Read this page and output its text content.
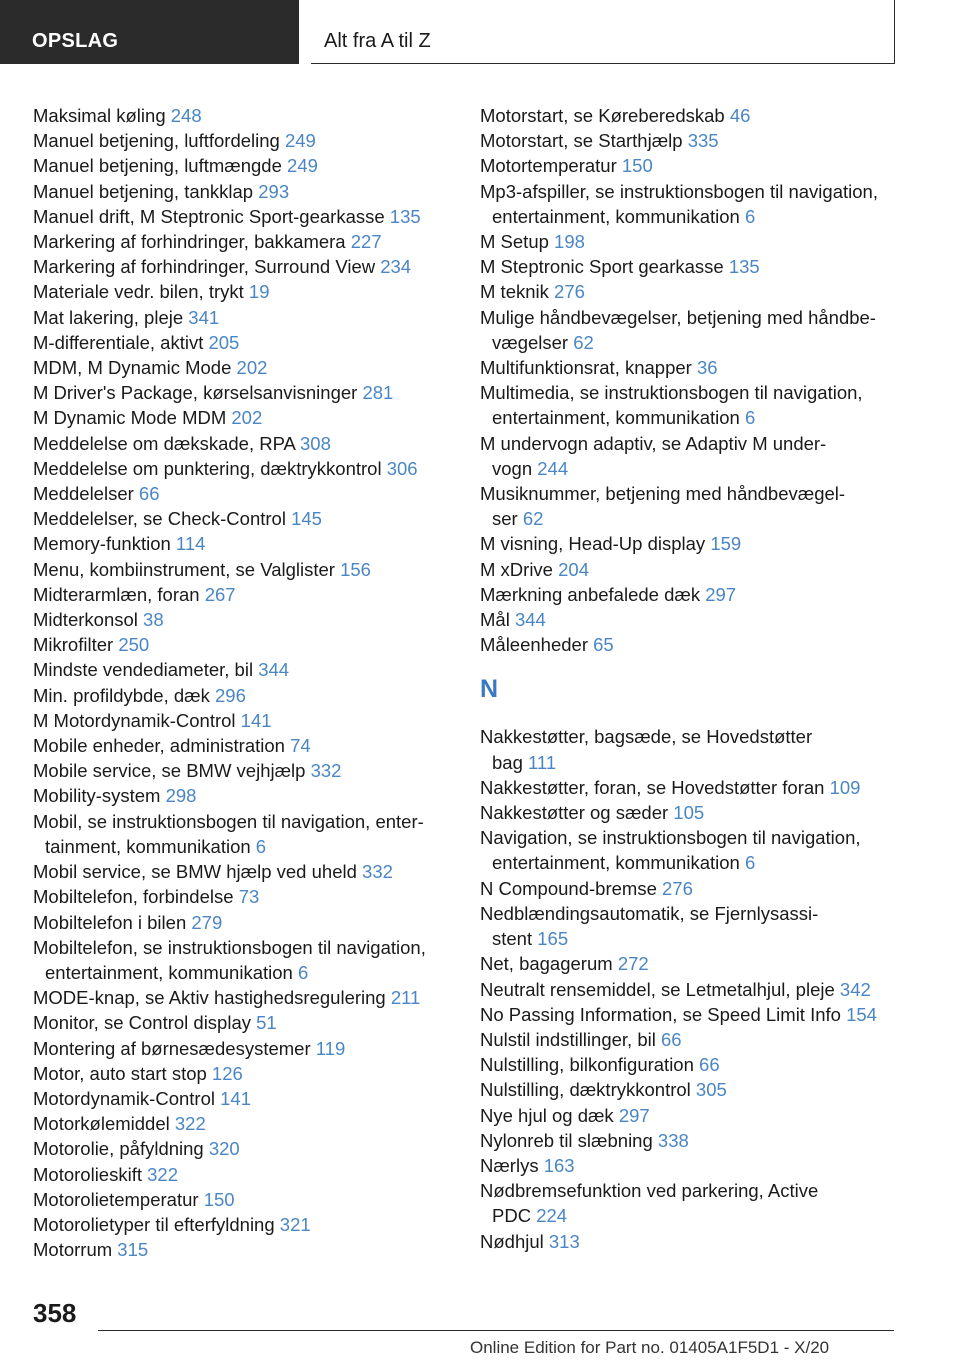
OPSLAG	Alt fra A til Z
Maksimal køling 248
Manuel betjening, luftfordeling 249
Manuel betjening, luftmængde 249
Manuel betjening, tankklap 293
Manuel drift, M Steptronic Sport-gearkasse 135
Markering af forhindringer, bakkamera 227
Markering af forhindringer, Surround View 234
Materiale vedr. bilen, trykt 19
Mat lakering, pleje 341
M-differentiale, aktivt 205
MDM, M Dynamic Mode 202
M Driver's Package, kørselsanvisninger 281
M Dynamic Mode MDM 202
Meddelelse om dækskade, RPA 308
Meddelelse om punktering, dæktrykkontrol 306
Meddelelser 66
Meddelelser, se Check-Control 145
Memory-funktion 114
Menu, kombiinstrument, se Valglister 156
Midterarmlæn, foran 267
Midterkonsol 38
Mikrofilter 250
Mindste vendediameter, bil 344
Min. profildybde, dæk 296
M Motordynamik-Control 141
Mobile enheder, administration 74
Mobile service, se BMW vejhjælp 332
Mobility-system 298
Mobil, se instruktionsbogen til navigation, enter-
tainment, kommunikation 6
Mobil service, se BMW hjælp ved uheld 332
Mobiltelefon, forbindelse 73
Mobiltelefon i bilen 279
Mobiltelefon, se instruktionsbogen til navigation,
entertainment, kommunikation 6
MODE-knap, se Aktiv hastighedsregulering 211
Monitor, se Control display 51
Montering af børnesædesystemer 119
Motor, auto start stop 126
Motordynamik-Control 141
Motorkølemiddel 322
Motorolie, påfyldning 320
Motorolieskift 322
Motorolietemperatur 150
Motorolietyper til efterfyldning 321
Motorrum 315
Motorstart, se Køreberedskab 46
Motorstart, se Starthjælp 335
Motortemperatur 150
Mp3-afspiller, se instruktionsbogen til navigation,
entertainment, kommunikation 6
M Setup 198
M Steptronic Sport gearkasse 135
M teknik 276
Mulige håndbevægelser, betjening med håndbe-
vægelser 62
Multifunktionsrat, knapper 36
Multimedia, se instruktionsbogen til navigation,
entertainment, kommunikation 6
M undervogn adaptiv, se Adaptiv M under-
vogn 244
Musiknummer, betjening med håndbevægel-
ser 62
M visning, Head-Up display 159
M xDrive 204
Mærkning anbefalede dæk 297
Mål 344
Måleenheder 65
N
Nakkestøtter, bagsæde, se Hovedstøtter
bag 111
Nakkestøtter, foran, se Hovedstøtter foran 109
Nakkestøtter og sæder 105
Navigation, se instruktionsbogen til navigation,
entertainment, kommunikation 6
N Compound-bremse 276
Nedblændingsautomatik, se Fjernlysassi-
stent 165
Net, bagagerum 272
Neutralt rensemiddel, se Letmetalhjul, pleje 342
No Passing Information, se Speed Limit Info 154
Nulstil indstillinger, bil 66
Nulstilling, bilkonfiguration 66
Nulstilling, dæktrykkontrol 305
Nye hjul og dæk 297
Nylonreb til slæbning 338
Nærlys 163
Nødbremsefunktion ved parkering, Active
PDC 224
Nødhjul 313
358
Online Edition for Part no. 01405A1F5D1 - X/20
